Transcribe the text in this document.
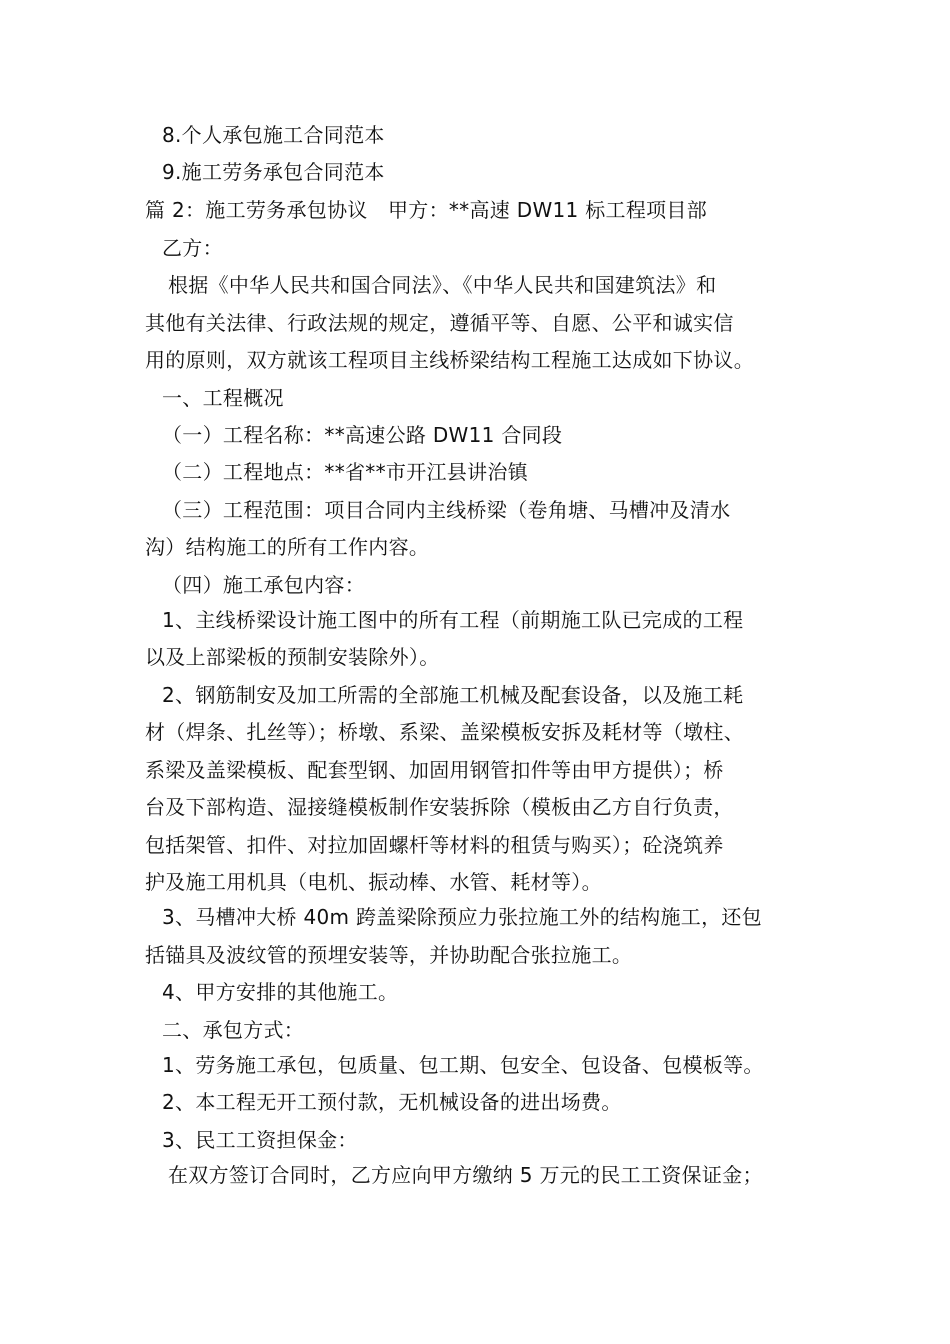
8.个人承包施工合同范本
9.施工劳务承包合同范本
篇 2：施工劳务承包协议　甲方：**高速 DW11 标工程项目部
乙方：
根据《中华人民共和国合同法》、《中华人民共和国建筑法》和
其他有关法律、行政法规的规定，遵循平等、自愿、公平和诚实信
用的原则，双方就该工程项目主线桥梁结构工程施工达成如下协议。
一、工程概况
（一）工程名称：**高速公路 DW11 合同段
（二）工程地点：**省**市开江县讲治镇
（三）工程范围：项目合同内主线桥梁（卷角塘、马槽冲及清水
沟）结构施工的所有工作内容。
（四）施工承包内容：
1、主线桥梁设计施工图中的所有工程（前期施工队已完成的工程
以及上部梁板的预制安装除外）。
2、钢筋制安及加工所需的全部施工机械及配套设备，以及施工耗
材（焊条、扎丝等）；桥墩、系梁、盖梁模板安拆及耗材等（墩柱、
系梁及盖梁模板、配套型钢、加固用钢管扣件等由甲方提供）；桥
台及下部构造、湿接缝模板制作安装拆除（模板由乙方自行负责，
包括架管、扣件、对拉加固螺杆等材料的租赁与购买）；砼浇筑养
护及施工用机具（电机、振动棒、水管、耗材等）。
3、马槽冲大桥 40m 跨盖梁除预应力张拉施工外的结构施工，还包
括锚具及波纹管的预埋安装等，并协助配合张拉施工。
4、甲方安排的其他施工。
二、承包方式：
1、劳务施工承包，包质量、包工期、包安全、包设备、包模板等。
2、本工程无开工预付款，无机械设备的进出场费。
3、民工工资担保金：
在双方签订合同时，乙方应向甲方缴纳 5 万元的民工工资保证金；
